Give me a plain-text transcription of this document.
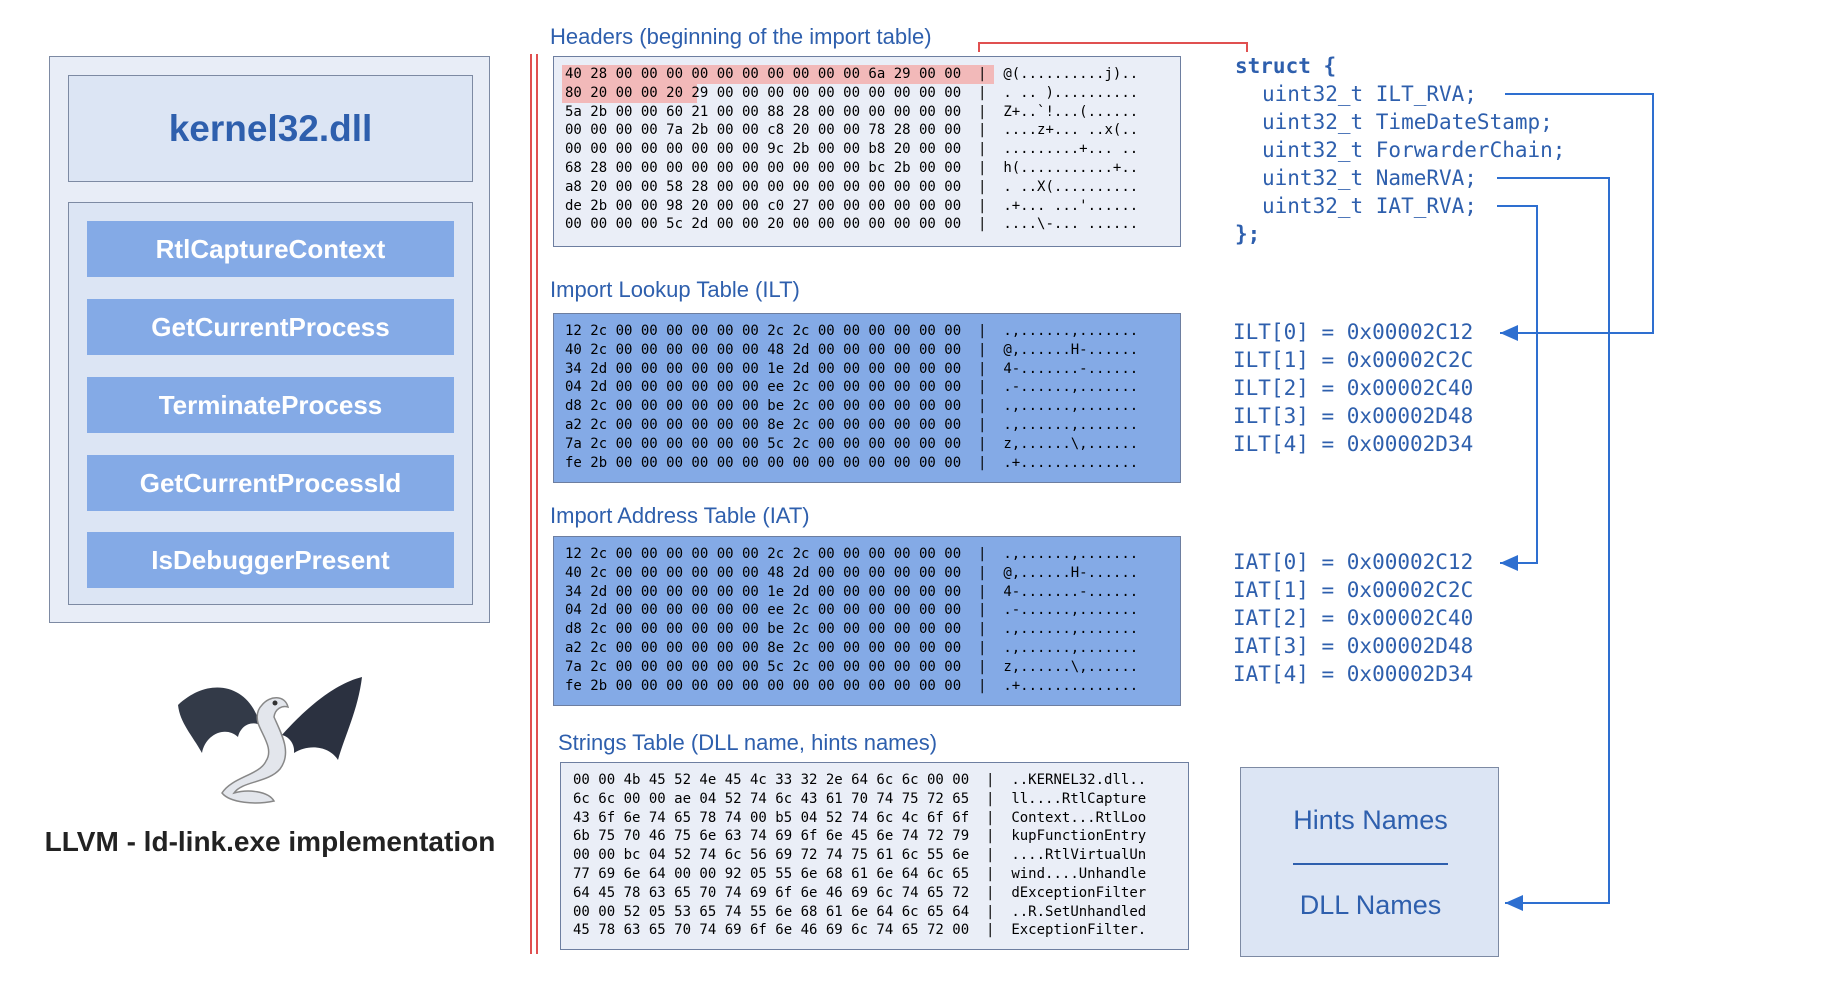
kernel32.dll
RtlCaptureContext
GetCurrentProcess
TerminateProcess
GetCurrentProcessId
IsDebuggerPresent
LLVM - ld-link.exe implementation
Headers (beginning of the import table)
40 28 00 00 00 00 00 00 00 00 00 00 6a 29 00 00  |  @(..........j)..
80 20 00 00 20 29 00 00 00 00 00 00 00 00 00 00  |  . .. )..........
5a 2b 00 00 60 21 00 00 88 28 00 00 00 00 00 00  |  Z+..`!...(......
00 00 00 00 7a 2b 00 00 c8 20 00 00 78 28 00 00  |  ....z+... ..x(..
00 00 00 00 00 00 00 00 9c 2b 00 00 b8 20 00 00  |  .........+... ..
68 28 00 00 00 00 00 00 00 00 00 00 bc 2b 00 00  |  h(...........+..
a8 20 00 00 58 28 00 00 00 00 00 00 00 00 00 00  |  . ..X(..........
de 2b 00 00 98 20 00 00 c0 27 00 00 00 00 00 00  |  .+... ...'......
00 00 00 00 5c 2d 00 00 20 00 00 00 00 00 00 00  |  ....\-... ......
Import Lookup Table (ILT)
12 2c 00 00 00 00 00 00 2c 2c 00 00 00 00 00 00  |  .,......,.......
40 2c 00 00 00 00 00 00 48 2d 00 00 00 00 00 00  |  @,......H-......
34 2d 00 00 00 00 00 00 1e 2d 00 00 00 00 00 00  |  4-.......-......
04 2d 00 00 00 00 00 00 ee 2c 00 00 00 00 00 00  |  .-......,.......
d8 2c 00 00 00 00 00 00 be 2c 00 00 00 00 00 00  |  .,......,.......
a2 2c 00 00 00 00 00 00 8e 2c 00 00 00 00 00 00  |  .,......,.......
7a 2c 00 00 00 00 00 00 5c 2c 00 00 00 00 00 00  |  z,......\,......
fe 2b 00 00 00 00 00 00 00 00 00 00 00 00 00 00  |  .+..............
Import Address Table (IAT)
12 2c 00 00 00 00 00 00 2c 2c 00 00 00 00 00 00  |  .,......,.......
40 2c 00 00 00 00 00 00 48 2d 00 00 00 00 00 00  |  @,......H-......
34 2d 00 00 00 00 00 00 1e 2d 00 00 00 00 00 00  |  4-.......-......
04 2d 00 00 00 00 00 00 ee 2c 00 00 00 00 00 00  |  .-......,.......
d8 2c 00 00 00 00 00 00 be 2c 00 00 00 00 00 00  |  .,......,.......
a2 2c 00 00 00 00 00 00 8e 2c 00 00 00 00 00 00  |  .,......,.......
7a 2c 00 00 00 00 00 00 5c 2c 00 00 00 00 00 00  |  z,......\,......
fe 2b 00 00 00 00 00 00 00 00 00 00 00 00 00 00  |  .+..............
Strings Table (DLL name, hints names)
00 00 4b 45 52 4e 45 4c 33 32 2e 64 6c 6c 00 00  |  ..KERNEL32.dll..
6c 6c 00 00 ae 04 52 74 6c 43 61 70 74 75 72 65  |  ll....RtlCapture
43 6f 6e 74 65 78 74 00 b5 04 52 74 6c 4c 6f 6f  |  Context...RtlLoo
6b 75 70 46 75 6e 63 74 69 6f 6e 45 6e 74 72 79  |  kupFunctionEntry
00 00 bc 04 52 74 6c 56 69 72 74 75 61 6c 55 6e  |  ....RtlVirtualUn
77 69 6e 64 00 00 92 05 55 6e 68 61 6e 64 6c 65  |  wind....Unhandle
64 45 78 63 65 70 74 69 6f 6e 46 69 6c 74 65 72  |  dExceptionFilter
00 00 52 05 53 65 74 55 6e 68 61 6e 64 6c 65 64  |  ..R.SetUnhandled
45 78 63 65 70 74 69 6f 6e 46 69 6c 74 65 72 00  |  ExceptionFilter.
struct {
uint32_t ILT_RVA;
uint32_t TimeDateStamp;
uint32_t ForwarderChain;
uint32_t NameRVA;
uint32_t IAT_RVA;
};
ILT[0] = 0x00002C12
ILT[1] = 0x00002C2C
ILT[2] = 0x00002C40
ILT[3] = 0x00002D48
ILT[4] = 0x00002D34
IAT[0] = 0x00002C12
IAT[1] = 0x00002C2C
IAT[2] = 0x00002C40
IAT[3] = 0x00002D48
IAT[4] = 0x00002D34
Hints Names
DLL Names
